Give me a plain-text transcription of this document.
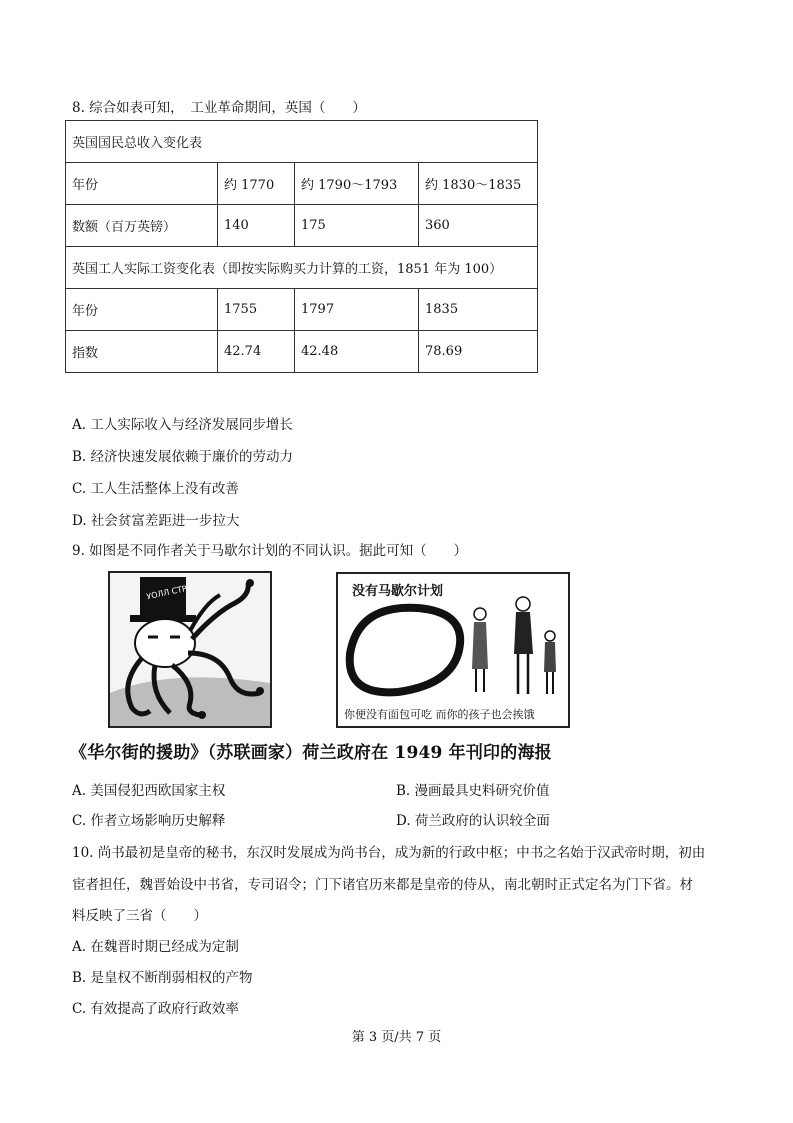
8. 综合如表可知，　工业革命期间，英国（　　）
英国国民总收入变化表			
年份	约 1770	约 1790～1793	约 1830～1835
数额（百万英镑）	140	175	360
英国工人实际工资变化表（即按实际购买力计算的工资，1851 年为 100）			
年份	1755	1797	1835
指数	42.74	42.48	78.69
A. 工人实际收入与经济发展同步增长
B. 经济快速发展依赖于廉价的劳动力
C. 工人生活整体上没有改善
D. 社会贫富差距进一步拉大
9. 如图是不同作者关于马歇尔计划的不同认识。据此可知（　　）
УОЛЛ СТРИТ	没有马歇尔计划
你便没有面包可吃 而你的孩子也会挨饿
《华尔街的援助》（苏联画家）荷兰政府在 1949 年刊印的海报
A. 美国侵犯西欧国家主权	B. 漫画最具史料研究价值
C. 作者立场影响历史解释	D. 荷兰政府的认识较全面
10. 尚书最初是皇帝的秘书，东汉时发展成为尚书台，成为新的行政中枢；中书之名始于汉武帝时期，初由
宦者担任，魏晋始设中书省，专司诏令；门下诸官历来都是皇帝的侍从，南北朝时正式定名为门下省。材
料反映了三省（　　）
A. 在魏晋时期已经成为定制
B. 是皇权不断削弱相权的产物
C. 有效提高了政府行政效率
第 3 页/共 7 页
